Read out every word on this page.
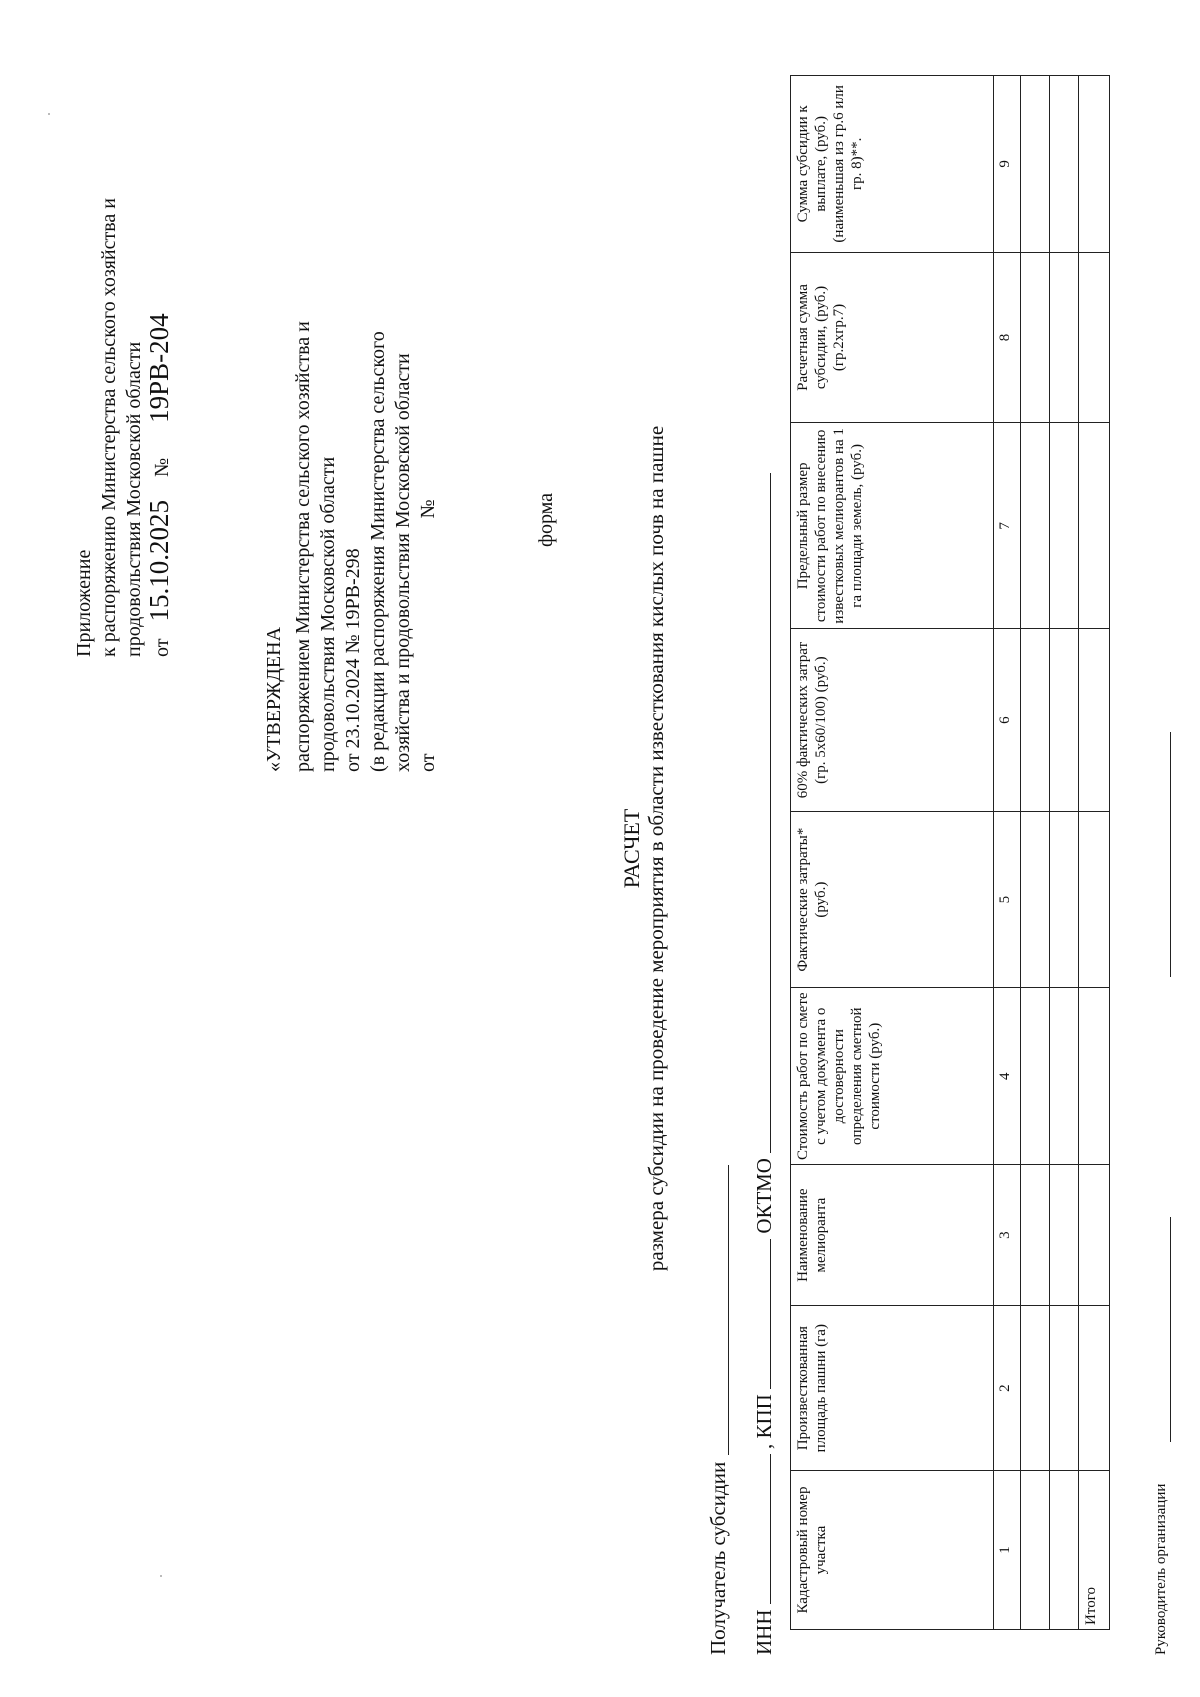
Приложение к распоряжению Министерства сельского хозяйства и продовольствия Московской области от 15.10.2025 № 19РВ-204
«УТВЕРЖДЕНА распоряжением Министерства сельского хозяйства и продовольствия Московской области от 23.10.2024 № 19РВ-298 (в редакции распоряжения Министерства сельского хозяйства и продовольствия Московской области от №	форма
РАСЧЕТ размера субсидии на проведение мероприятия в области известкования кислых почв на пашне
Получатель субсидии ИНН  , КПП  ОКТМО
Кадастровый номер участка	Произвесткованная площадь пашни (га)	Наименование мелиоранта	Стоимость работ по смете с учетом документа о достоверности определения сметной стоимости (руб.)	Фактические затраты* (руб.)	60% фактических затрат (гр. 5х60/100) (руб.)	Предельный размер стоимости работ по внесению известковых мелиорантов на 1 га площади земель, (руб.)	Расчетная сумма субсидии, (руб.) (гр.2хгр.7)	Сумма субсидии к выплате, (руб.) (наименьшая из гр.6 или гр. 8)**.
1	2	3	4	5	6	7	8	9

Итого									Руководитель организации
